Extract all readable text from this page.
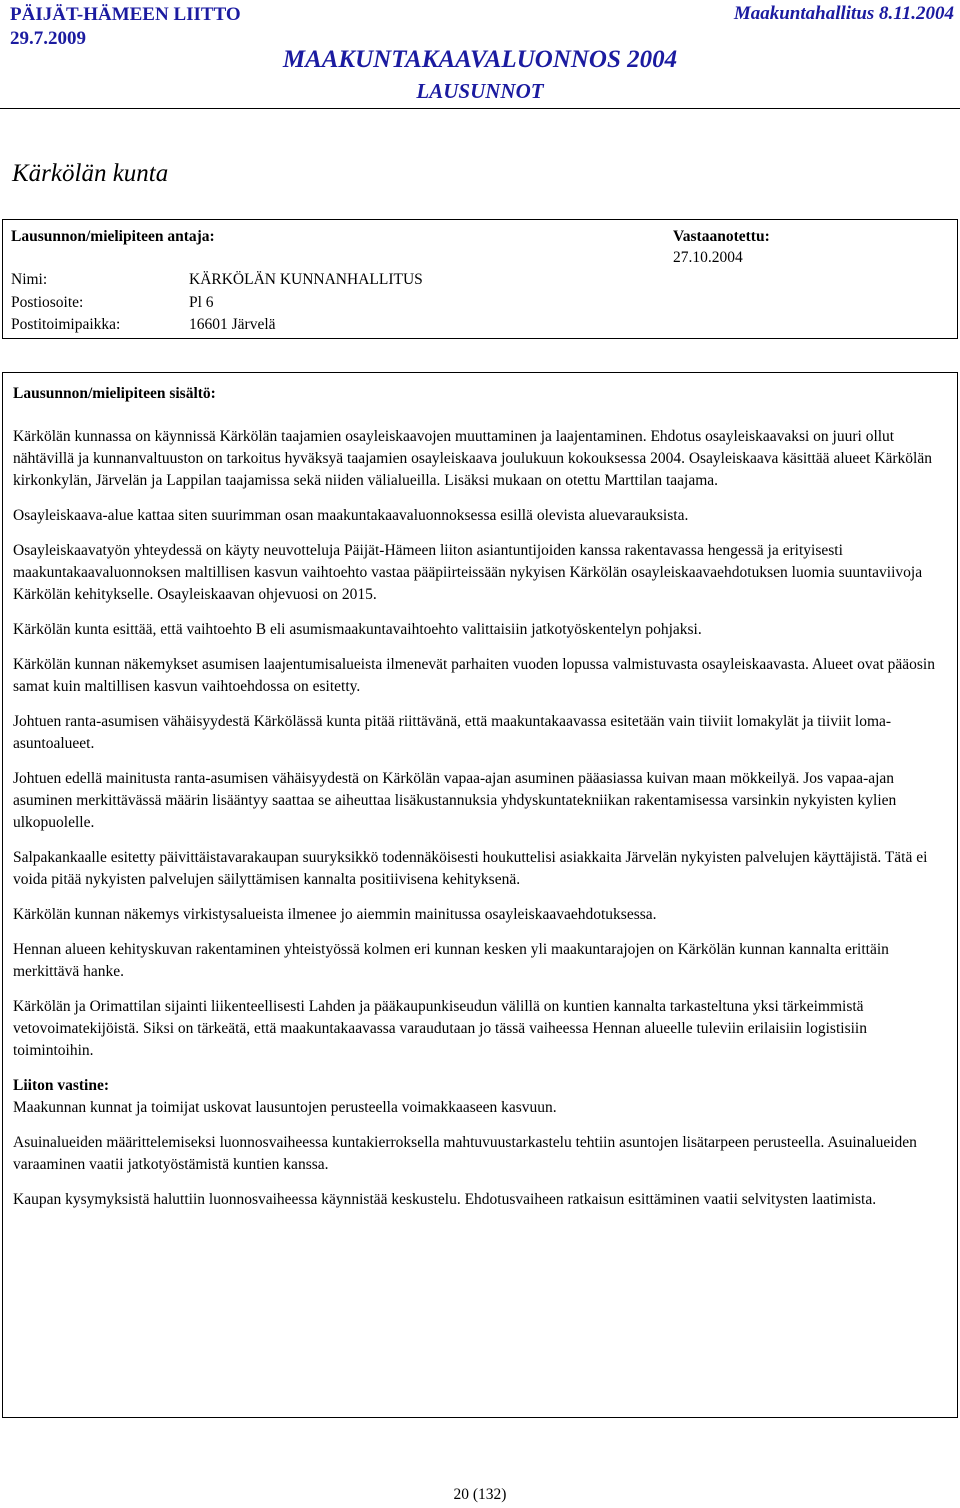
PÄIJÄT-HÄMEEN LIITTO
29.7.2009
Maakuntahallitus 8.11.2004
MAAKUNTAKAAVALUONNOS 2004
LAUSUNNOT
Kärkölän kunta
Lausunnon/mielipiteen antaja:	Vastaanotettu:
27.10.2004
Nimi:	KÄRKÖLÄN KUNNANHALLITUS
Postiosoite:	Pl 6
Postitoimipaikka:	16601 Järvelä

Lausunnon/mielipiteen sisältö:

Kärkölän kunnassa on käynnissä Kärkölän taajamien osayleiskaavojen muuttaminen ja laajentaminen. Ehdotus osayleiskaavaksi on juuri ollut nähtävillä ja kunnanvaltuuston on tarkoitus hyväksyä taajamien osayleiskaava joulukuun kokouksessa 2004. Osayleiskaava käsittää alueet Kärkölän kirkonkylän, Järvelän ja Lappilan taajamissa sekä niiden välialueilla. Lisäksi mukaan on otettu Marttilan taajama.

Osayleiskaava-alue kattaa siten suurimman osan maakuntakaavaluonnoksessa esillä olevista aluevarauksista.

Osayleiskaavatyön yhteydessä on käyty neuvotteluja Päijät-Hämeen liiton asiantuntijoiden kanssa rakentavassa hengessä ja erityisesti maakuntakaavaluonnoksen maltillisen kasvun vaihtoehto vastaa pääpiirteissään nykyisen Kärkölän osayleiskaavaehdotuksen luomia suuntaviivoja Kärkölän kehitykselle. Osayleiskaavan ohjevuosi on 2015.

Kärkölän kunta esittää, että vaihtoehto B eli asumismaakuntavaihtoehto valittaisiin jatkotyöskentelyn pohjaksi.

Kärkölän kunnan näkemykset asumisen laajentumisalueista ilmenevät parhaiten vuoden lopussa valmistuvasta osayleiskaavasta. Alueet ovat pääosin samat kuin maltillisen kasvun vaihtoehdossa on esitetty.

Johtuen ranta-asumisen vähäisyydestä Kärkölässä kunta pitää riittävänä, että maakuntakaavassa esitetään vain tiiviit lomakylät ja tiiviit loma-asuntoalueet.

Johtuen edellä mainitusta ranta-asumisen vähäisyydestä on Kärkölän vapaa-ajan asuminen pääasiassa kuivan maan mökkeilyä. Jos vapaa-ajan asuminen merkittävässä määrin lisääntyy saattaa se aiheuttaa lisäkustannuksia yhdyskuntatekniikan rakentamisessa varsinkin nykyisten kylien ulkopuolelle.

Salpakankaalle esitetty päivittäistavarakaupan suuryksikkö todennäköisesti houkuttelisi asiakkaita Järvelän nykyisten palvelujen käyttäjistä. Tätä ei voida pitää nykyisten palvelujen säilyttämisen kannalta positiivisena kehityksenä.

Kärkölän kunnan näkemys virkistysalueista ilmenee jo aiemmin mainitussa osayleiskaavaehdotuksessa.

Hennan alueen kehityskuvan rakentaminen yhteistyössä kolmen eri kunnan kesken yli maakuntarajojen on Kärkölän kunnan kannalta erittäin merkittävä hanke.

Kärkölän ja Orimattilan sijainti liikenteellisesti Lahden ja pääkaupunkiseudun välillä on kuntien kannalta tarkasteltuna yksi tärkeimmistä vetovoimatekijöistä. Siksi on tärkeätä, että maakuntakaavassa varaudutaan jo tässä vaiheessa Hennan alueelle tuleviin erilaisiin logistisiin toimintoihin.

Liiton vastine:

Maakunnan kunnat ja toimijat uskovat lausuntojen perusteella voimakkaaseen kasvuun.

Asuinalueiden määrittelemiseksi luonnosvaiheessa kuntakierroksella mahtuvuustarkastelu tehtiin asuntojen lisätarpeen perusteella. Asuinalueiden varaaminen vaatii jatkotyöstämistä kuntien kanssa.

Kaupan kysymyksistä haluttiin luonnosvaiheessa käynnistää keskustelu. Ehdotusvaiheen ratkaisun esittäminen vaatii selvitysten laatimista.

20 (132)
